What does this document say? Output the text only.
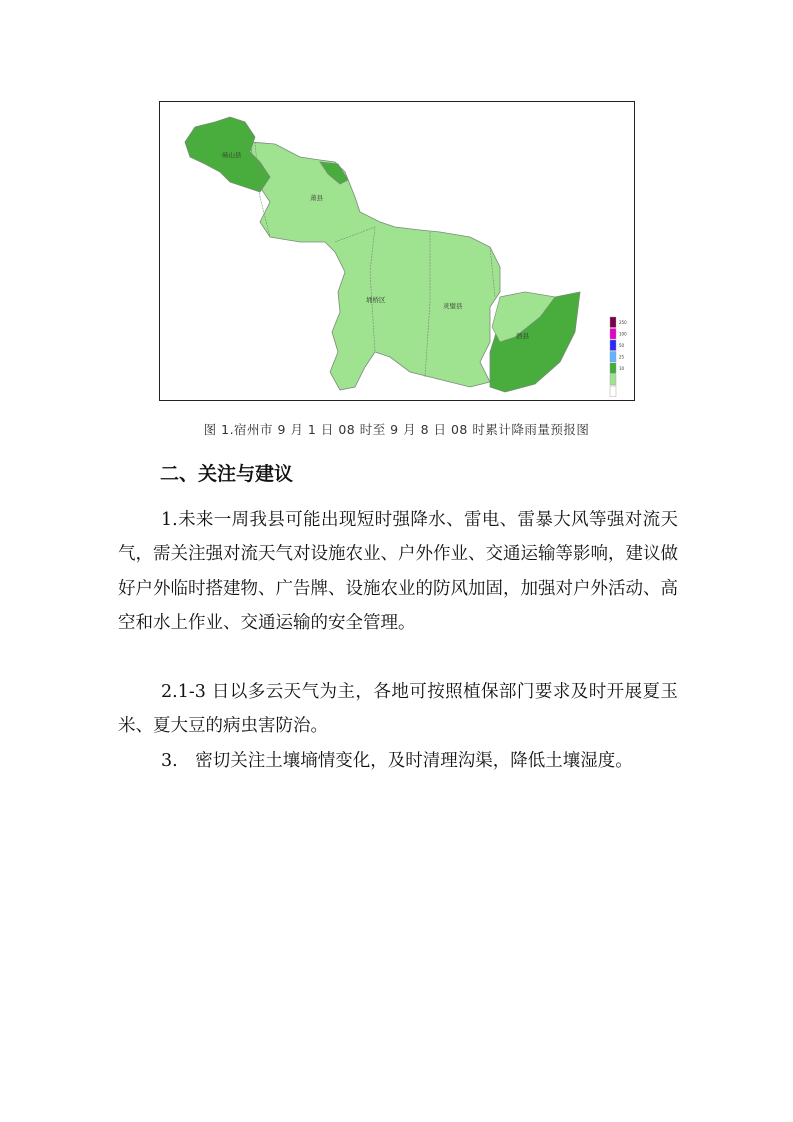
砀山县
萧县
埇桥区
灵璧县
泗县
250
100
50
25
10
图 1.宿州市 9 月 1 日 08 时至 9 月 8 日 08 时累计降雨量预报图
二、关注与建议
1.未来一周我县可能出现短时强降水、雷电、雷暴大风等强对流天气，需关注强对流天气对设施农业、户外作业、交通运输等影响，建议做好户外临时搭建物、广告牌、设施农业的防风加固，加强对户外活动、高空和水上作业、交通运输的安全管理。
2.1-3 日以多云天气为主，各地可按照植保部门要求及时开展夏玉米、夏大豆的病虫害防治。
3.　密切关注土壤墒情变化，及时清理沟渠，降低土壤湿度。
